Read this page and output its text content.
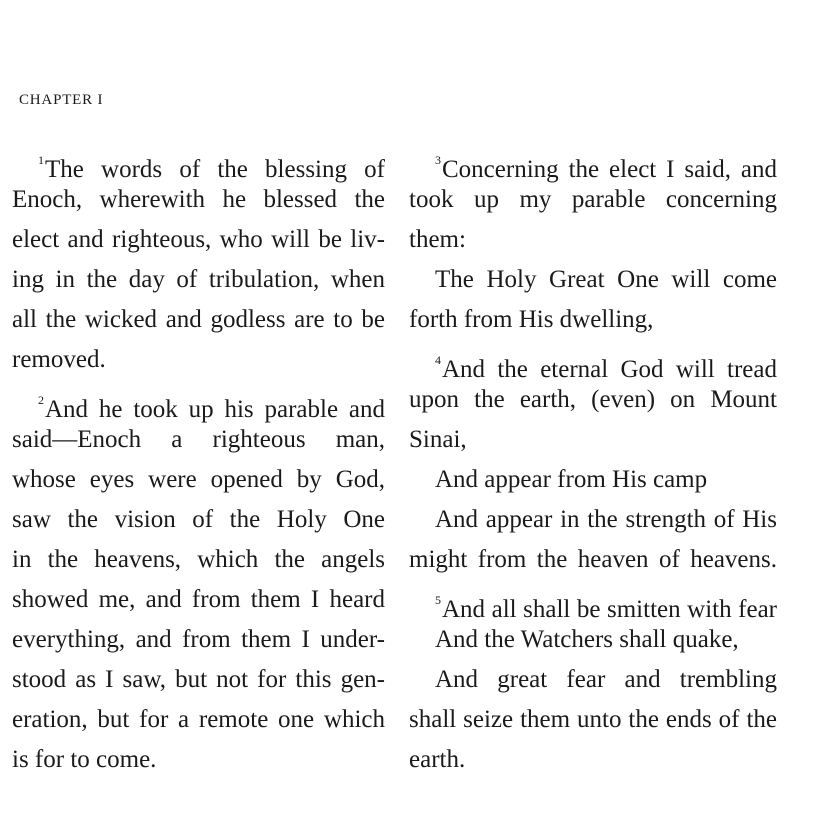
CHAPTER I
$^1$The words of the blessing of
Enoch, wherewith he blessed the
elect and righteous, who will be liv-
ing in the day of tribulation, when
all the wicked and godless are to be
removed.
$^2$And he took up his parable and
said—Enoch a righteous man,
whose eyes were opened by God,
saw the vision of the Holy One
in the heavens, which the angels
showed me, and from them I heard
everything, and from them I under-
stood as I saw, but not for this gen-
eration, but for a remote one which
is for to come.
$^3$Concerning the elect I said, and
took up my parable concerning
them:
The Holy Great One will come
forth from His dwelling,
$^4$And the eternal God will tread
upon the earth, (even) on Mount
Sinai,
And appear from His camp
And appear in the strength of His
might from the heaven of heavens.
$^5$And all shall be smitten with fear
And the Watchers shall quake,
And great fear and trembling
shall seize them unto the ends of the
earth.
